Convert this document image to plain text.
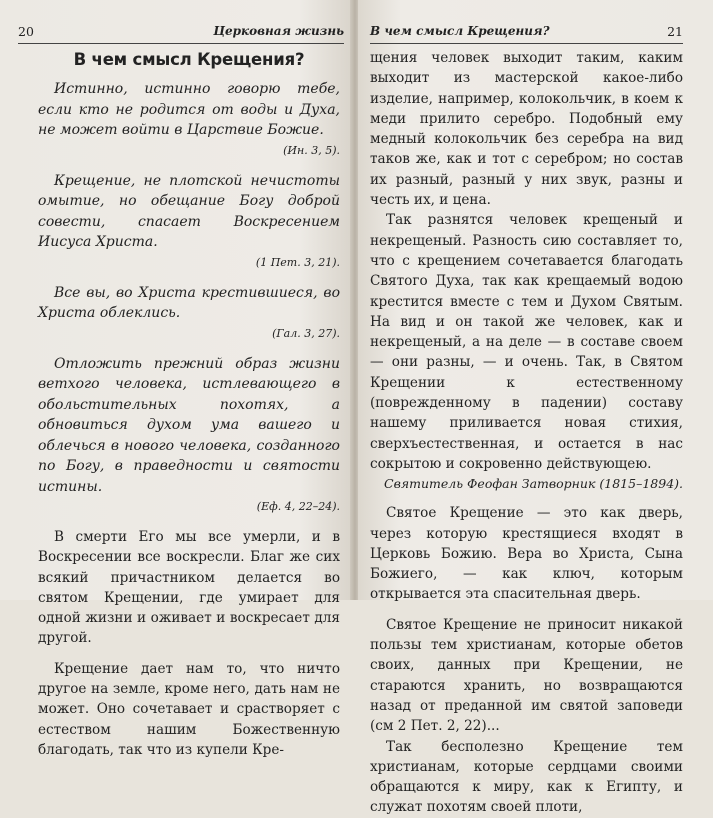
20	Церковная жизнь
В чем смысл Крещения?

Истинно, истинно говорю тебе, если кто не родится от воды и Духа, не может войти в Царствие Божие.

(Ин. 3, 5).

Крещение, не плотской нечистоты омытие, но обещание Богу доброй совести, спасает Воскресением Иисуса Христа.

(1 Пет. 3, 21).

Все вы, во Христа крестившиеся, во Христа облеклись.

(Гал. 3, 27).

Отложить прежний образ жизни ветхого человека, истлевающего в обольстительных похотях, а обновиться духом ума вашего и облечься в нового человека, созданного по Богу, в праведности и святости истины.

(Еф. 4, 22–24).

В смерти Его мы все умерли, и в Воскресении все воскресли. Благ же сих всякий причастником делается во святом Крещении, где умирает для одной жизни и оживает и воскресает для другой.

Крещение дает нам то, что ничто другое на земле, кроме него, дать нам не может. Оно сочетавает и срастворяет с естеством нашим Божественную благодать, так что из купели Кре-

В чем смысл Крещения?	21

щения человек выходит таким, каким выходит из мастерской какое-либо изделие, например, колокольчик, в коем к меди прилито серебро. Подобный ему медный колокольчик без серебра на вид таков же, как и тот с серебром; но состав их разный, разный у них звук, разны и честь их, и цена.

Так разнятся человек крещеный и некрещеный. Разность сию составляет то, что с крещением сочетавается благодать Святого Духа, так как крещаемый водою крестится вместе с тем и Духом Святым. На вид и он такой же человек, как и некрещеный, а на деле — в составе своем — они разны, — и очень. Так, в Святом Крещении к естественному (поврежденному в падении) составу нашему приливается новая стихия, сверхъестественная, и остается в нас сокрытою и сокровенно действующею.

Святитель Феофан Затворник (1815–1894).

Святое Крещение — это как дверь, через которую крестящиеся входят в Церковь Божию. Вера во Христа, Сына Божиего, — как ключ, которым открывается эта спасительная дверь.

Святое Крещение не приносит никакой пользы тем христианам, которые обетов своих, данных при Крещении, не стараются хранить, но возвращаются назад от преданной им святой заповеди (см 2 Пет. 2, 22)...

Так бесполезно Крещение тем христианам, которые сердцами своими обращаются к миру, как к Египту, и служат похотям своей плоти,
